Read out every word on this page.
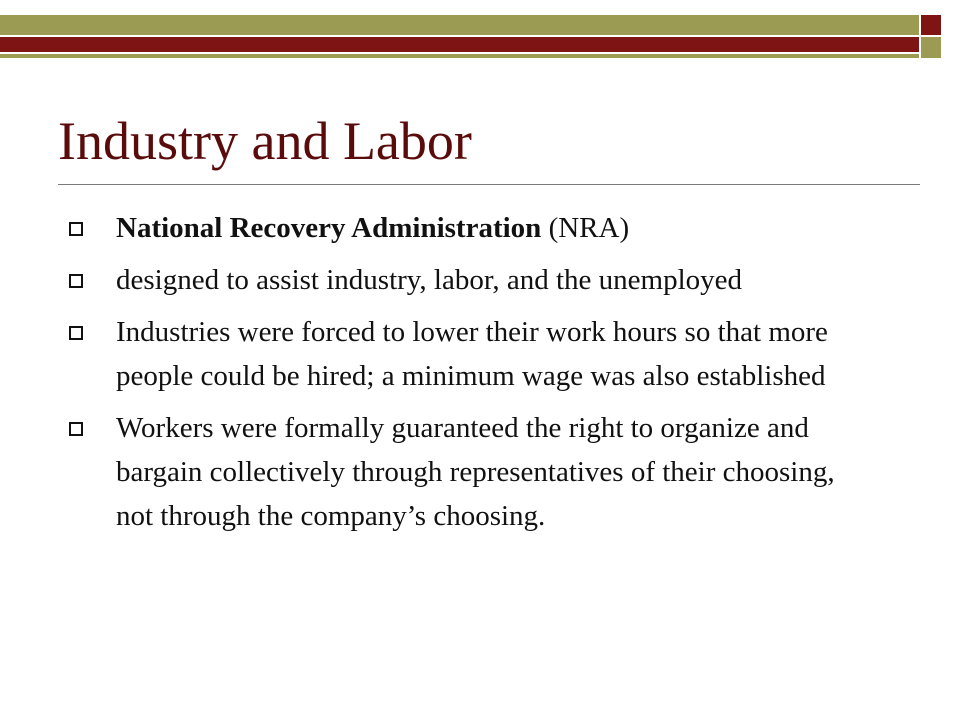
Industry and Labor
National Recovery Administration (NRA)
designed to assist industry, labor, and the unemployed
Industries were forced to lower their work hours so that more people could be hired; a minimum wage was also established
Workers were formally guaranteed the right to organize and bargain collectively through representatives of their choosing, not through the company’s choosing.
